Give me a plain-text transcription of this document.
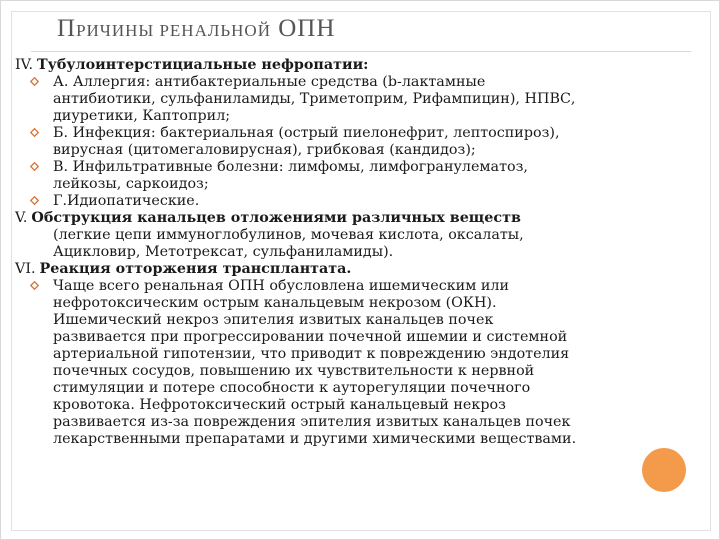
ПРИЧИНЫ РЕНАЛЬНОЙ ОПН
IV. Тубулоинтерстициальные нефропатии:
А. Аллергия: антибактериальные средства (b-лактамные
антибиотики, сульфаниламиды, Триметоприм, Рифампицин), НПВС,
диуретики, Каптоприл;
Б. Инфекция: бактериальная (острый пиелонефрит, лептоспироз),
вирусная (цитомегаловирусная), грибковая (кандидоз);
В. Инфильтративные болезни: лимфомы, лимфогранулематоз,
лейкозы, саркоидоз;
Г.Идиопатические.
V. Обструкция канальцев отложениями различных веществ
(легкие цепи иммуноглобулинов, мочевая кислота, оксалаты,
Ацикловир, Метотрексат, сульфаниламиды).
VI. Реакция отторжения трансплантата.
Чаще всего ренальная ОПН обусловлена ишемическим или
нефротоксическим острым канальцевым некрозом (ОКН).
Ишемический некроз эпителия извитых канальцев почек
развивается при прогрессировании почечной ишемии и системной
артериальной гипотензии, что приводит к повреждению эндотелия
почечных сосудов, повышению их чувствительности к нервной
стимуляции и потере способности к ауторегуляции почечного
кровотока. Нефротоксический острый канальцевый некроз
развивается из-за повреждения эпителия извитых канальцев почек
лекарственными препаратами и другими химическими веществами.
